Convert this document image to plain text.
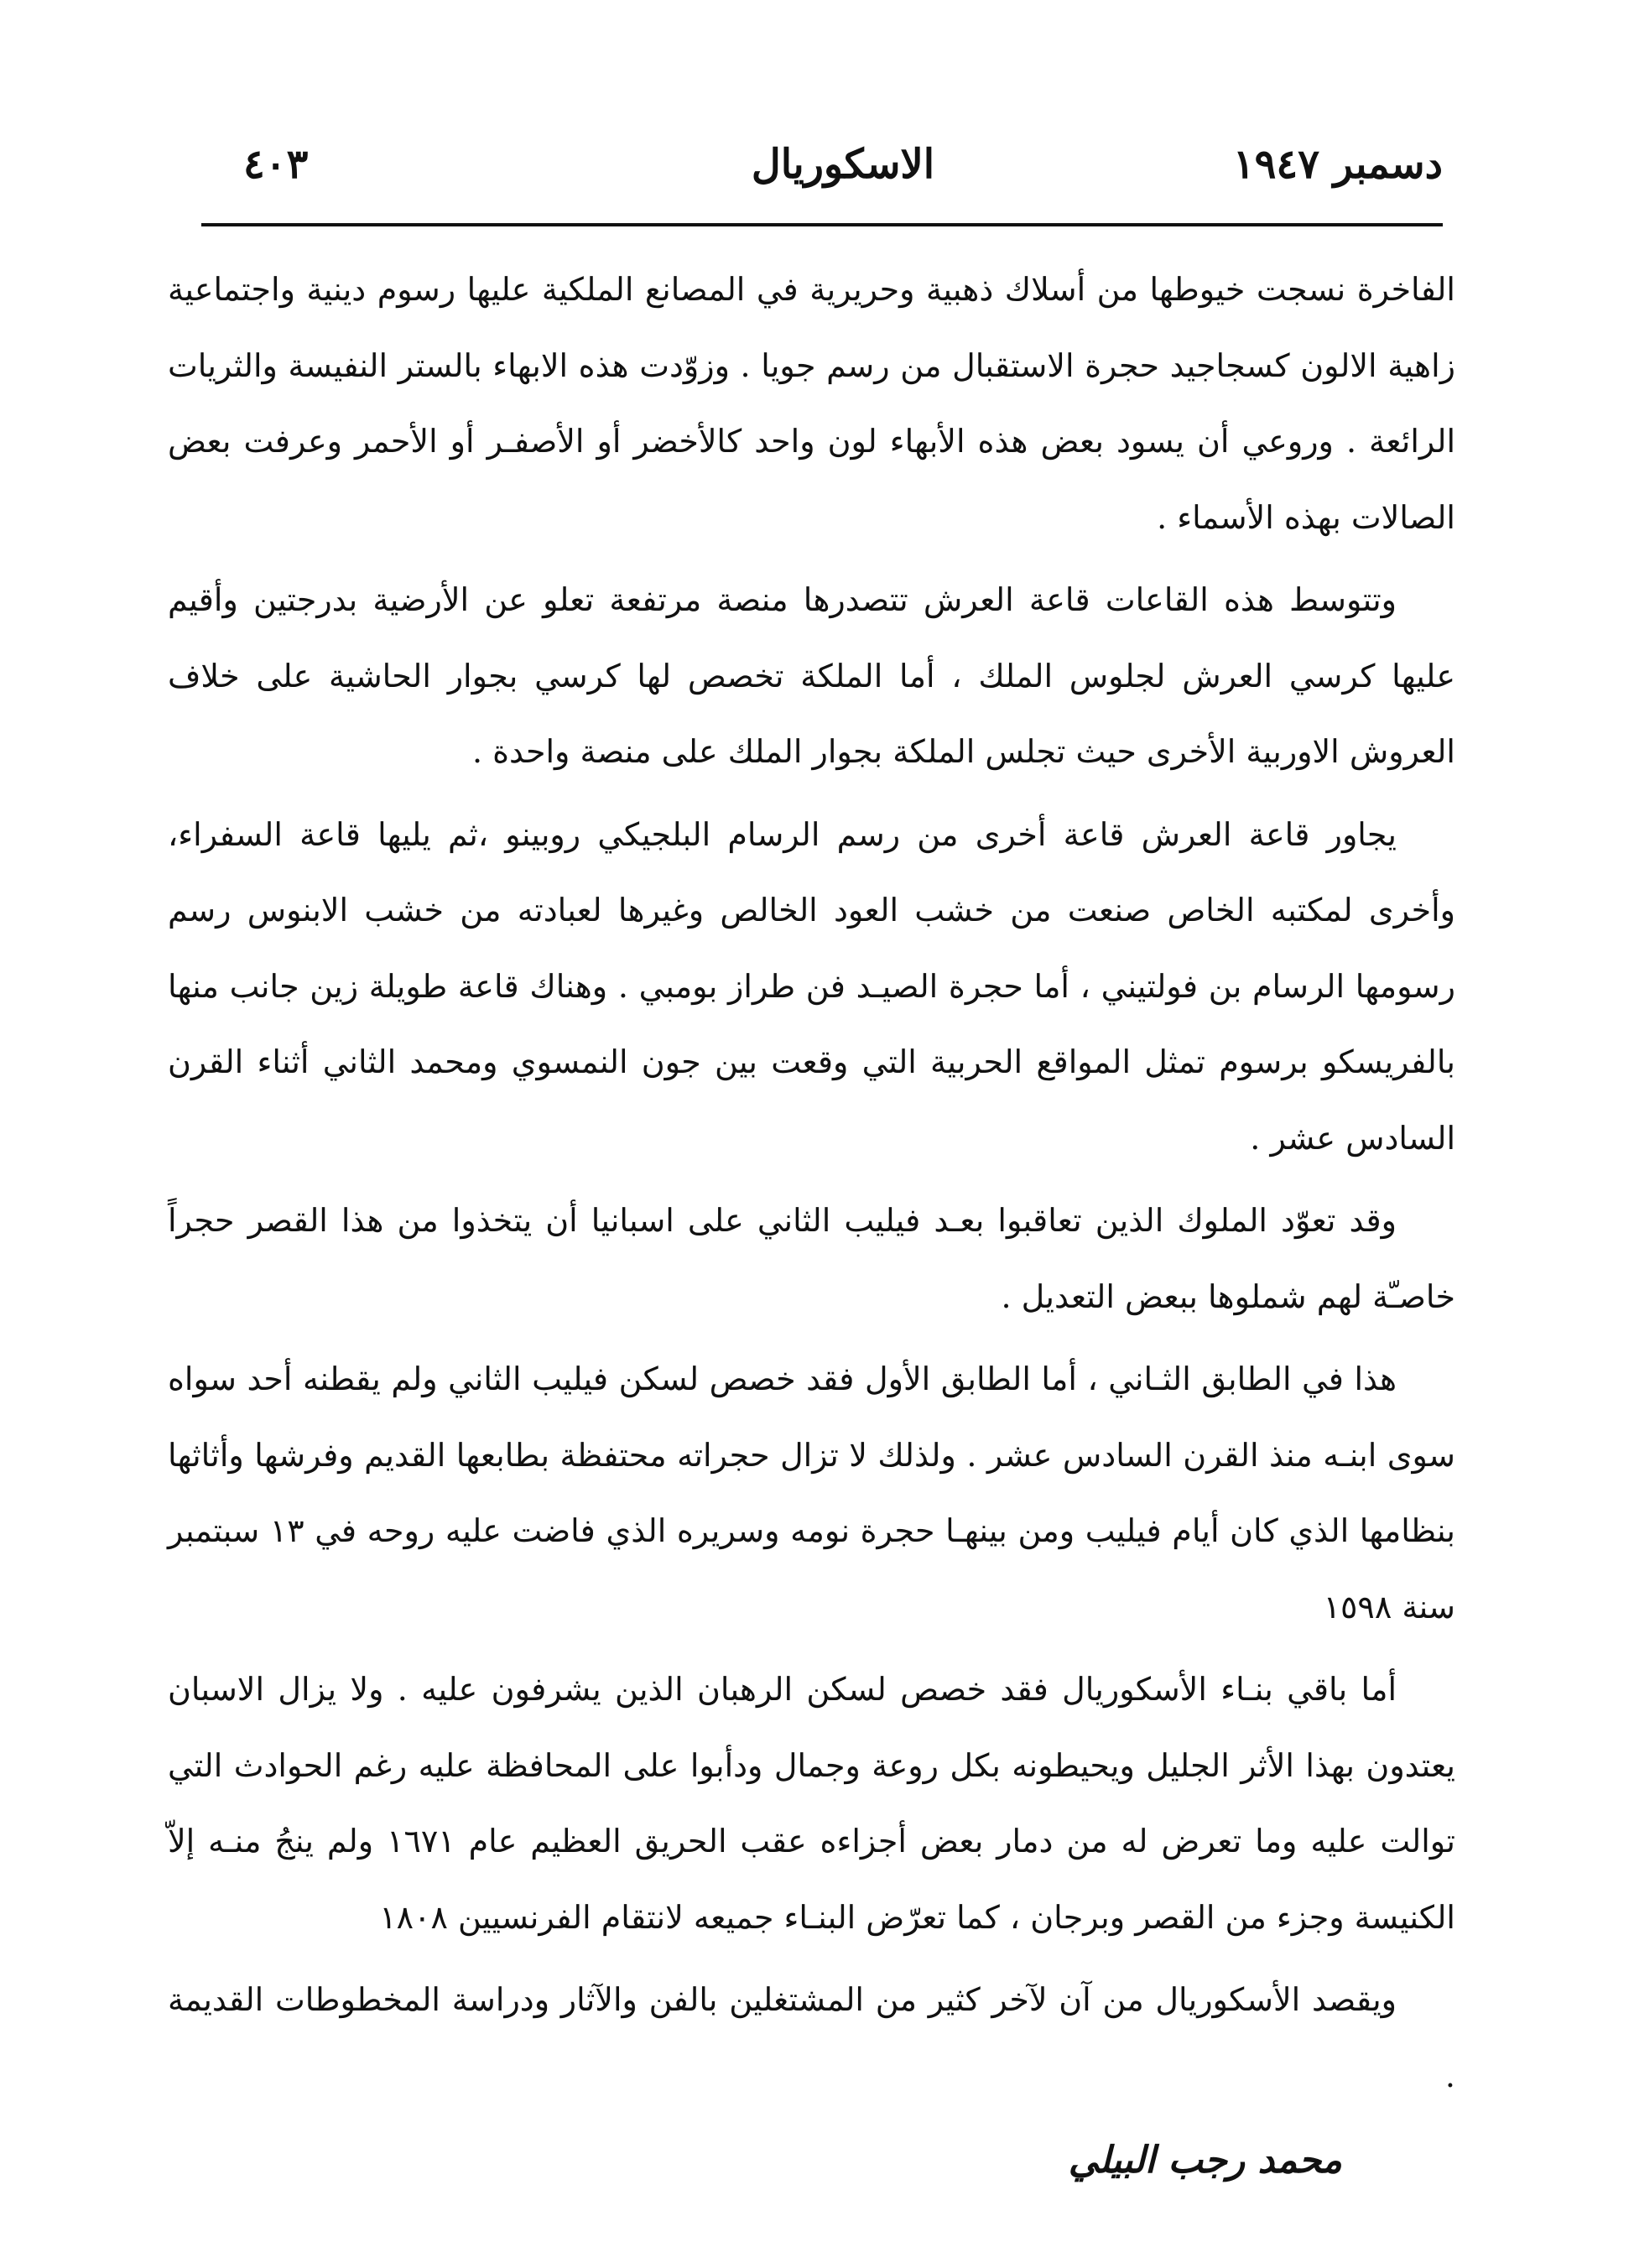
دسمبر ١٩٤٧
الاسكوريال
٤٠٣

الفاخرة نسجت خيوطها من أسلاك ذهبية وحريرية في المصانع الملكية عليها رسوم دينية واجتماعية زاهية الالون كسجاجيد حجرة الاستقبال من رسم جويا . وزوّدت هذه الابهاء بالستر النفيسة والثريات الرائعة . وروعي أن يسود بعض هذه الأبهاء لون واحد كالأخضر أو الأصفـر أو الأحمر وعرفت بعض الصالات بهذه الأسماء .

وتتوسط هذه القاعات قاعة العرش تتصدرها منصة مرتفعة تعلو عن الأرضية بدرجتين وأقيم عليها كرسي العرش لجلوس الملك ، أما الملكة تخصص لها كرسي بجوار الحاشية على خلاف العروش الاوربية الأخرى حيث تجلس الملكة بجوار الملك على منصة واحدة .

يجاور قاعة العرش قاعة أخرى من رسم الرسام البلجيكي روبينو ،ثم يليها قاعة السفراء، وأخرى لمكتبه الخاص صنعت من خشب العود الخالص وغيرها لعبادته من خشب الابنوس رسم رسومها الرسام بن فولتيني ، أما حجرة الصيـد فن طراز بومبي . وهناك قاعة طويلة زين جانب منها بالفريسكو برسوم تمثل المواقع الحربية التي وقعت بين جون النمسوي ومحمد الثاني أثناء القرن السادس عشر .

وقد تعوّد الملوك الذين تعاقبوا بعـد فيليب الثاني على اسبانيا أن يتخذوا من هذا القصر حجراً خاصـّة لهم شملوها ببعض التعديل .

هذا في الطابق الثـاني ، أما الطابق الأول فقد خصص لسكن فيليب الثاني ولم يقطنه أحد سواه سوى ابنـه منذ القرن السادس عشر . ولذلك لا تزال حجراته محتفظة بطابعها القديم وفرشها وأثاثها بنظامها الذي كان أيام فيليب ومن بينهـا حجرة نومه وسريره الذي فاضت عليه روحه في ١٣ سبتمبر سنة ١٥٩٨

أما باقي بنـاء الأسكوريال فقد خصص لسكن الرهبان الذين يشرفون عليه . ولا يزال الاسبان يعتدون بهذا الأثر الجليل ويحيطونه بكل روعة وجمال ودأبوا على المحافظة عليه رغم الحوادث التي توالت عليه وما تعرض له من دمار بعض أجزاءه عقب الحريق العظيم عام ١٦٧١ ولم ينجُ منـه إلاّ الكنيسة وجزء من القصر وبرجان ، كما تعرّض البنـاء جميعه لانتقام الفرنسيين ١٨٠٨

ويقصد الأسكوريال من آن لآخر كثير من المشتغلين بالفن والآثار ودراسة المخطوطات القديمة .

محمد رجب البيلي
